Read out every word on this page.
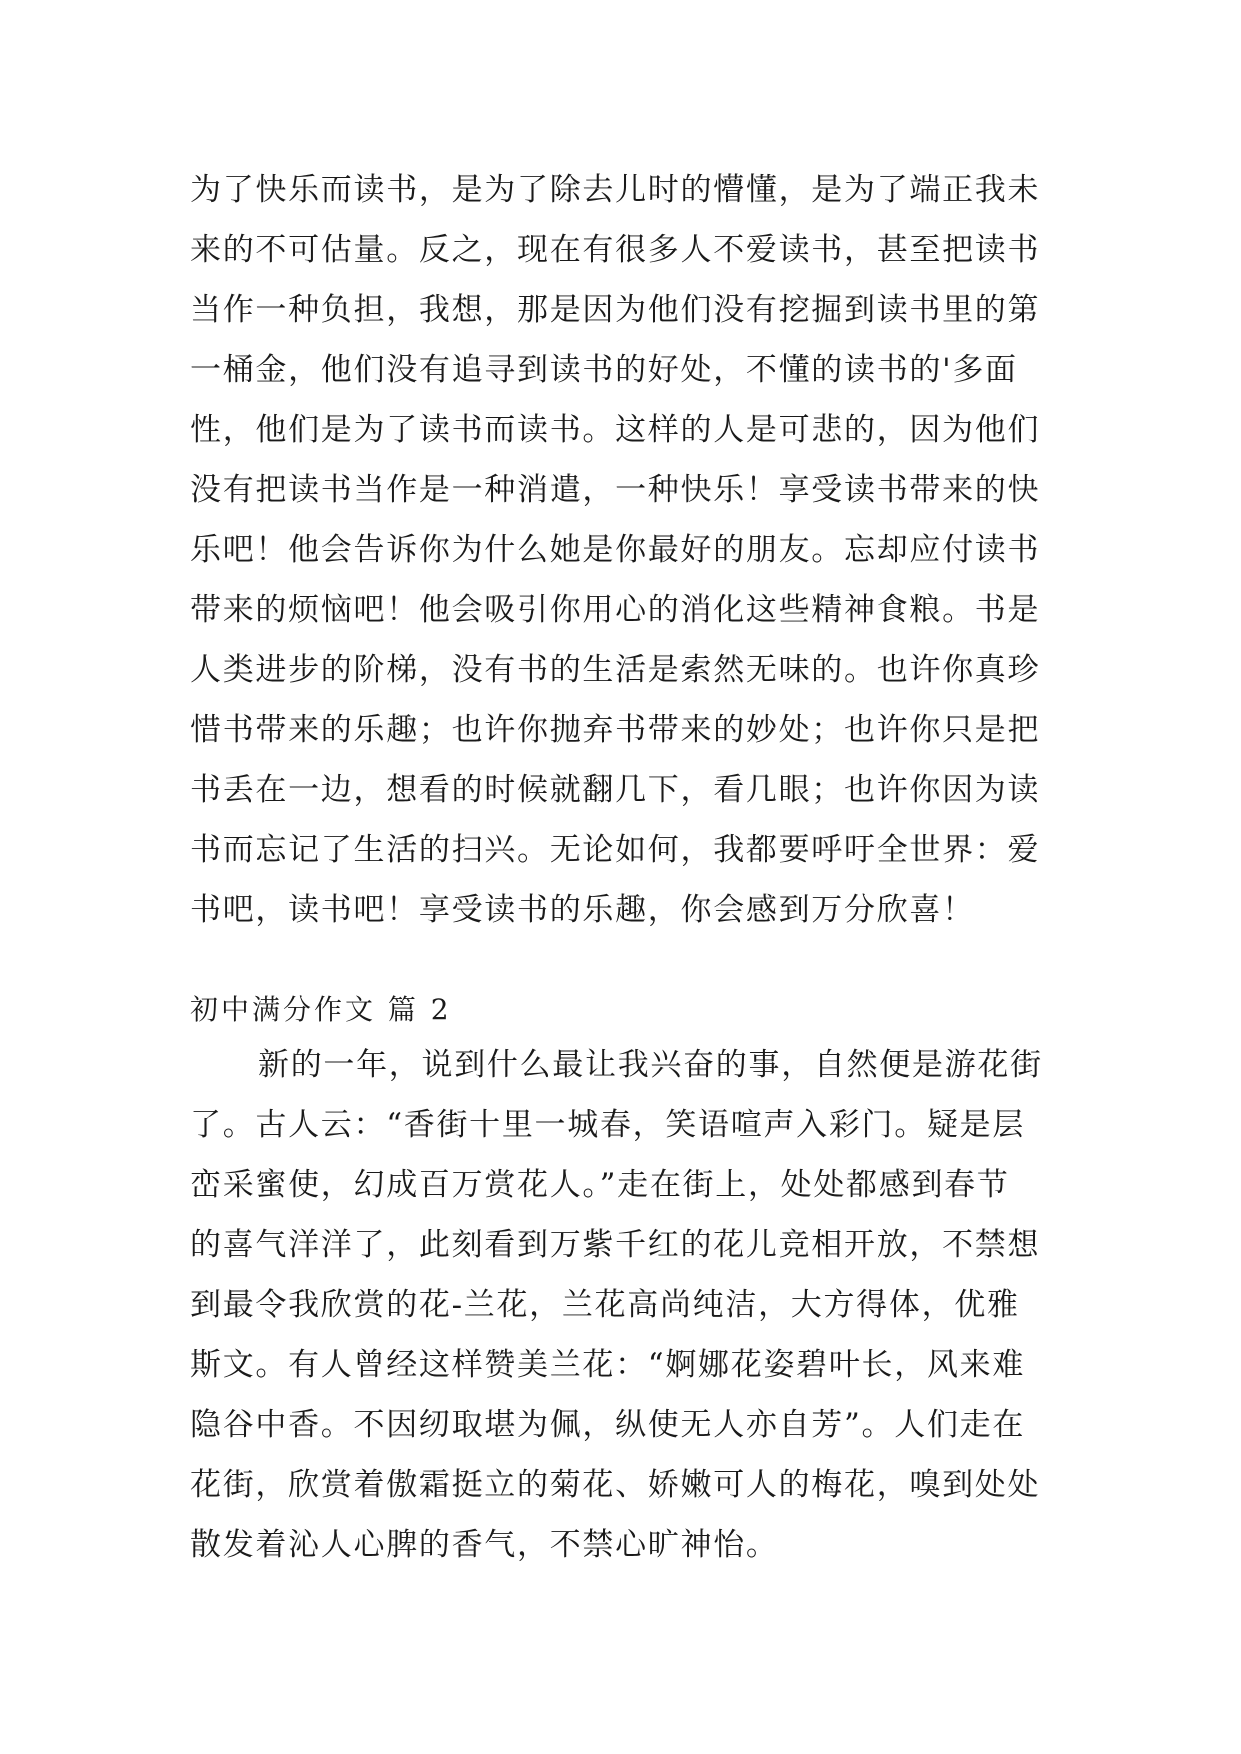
为了快乐而读书，是为了除去儿时的懵懂，是为了端正我未
来的不可估量。反之，现在有很多人不爱读书，甚至把读书
当作一种负担，我想，那是因为他们没有挖掘到读书里的第
一桶金，他们没有追寻到读书的好处，不懂的读书的'多面
性，他们是为了读书而读书。这样的人是可悲的，因为他们
没有把读书当作是一种消遣，一种快乐！享受读书带来的快
乐吧！他会告诉你为什么她是你最好的朋友。忘却应付读书
带来的烦恼吧！他会吸引你用心的消化这些精神食粮。书是
人类进步的阶梯，没有书的生活是索然无味的。也许你真珍
惜书带来的乐趣；也许你抛弃书带来的妙处；也许你只是把
书丢在一边，想看的时候就翻几下，看几眼；也许你因为读
书而忘记了生活的扫兴。无论如何，我都要呼吁全世界：爱
书吧，读书吧！享受读书的乐趣，你会感到万分欣喜！
初中满分作文 篇 2
新的一年，说到什么最让我兴奋的事，自然便是游花街
了。古人云：“香街十里一城春，笑语喧声入彩门。疑是层
峦采蜜使，幻成百万赏花人。”走在街上，处处都感到春节
的喜气洋洋了，此刻看到万紫千红的花儿竞相开放，不禁想
到最令我欣赏的花-兰花，兰花高尚纯洁，大方得体，优雅
斯文。有人曾经这样赞美兰花：“婀娜花姿碧叶长，风来难
隐谷中香。不因纫取堪为佩，纵使无人亦自芳”。人们走在
花街，欣赏着傲霜挺立的菊花、娇嫩可人的梅花，嗅到处处
散发着沁人心脾的香气，不禁心旷神怡。
